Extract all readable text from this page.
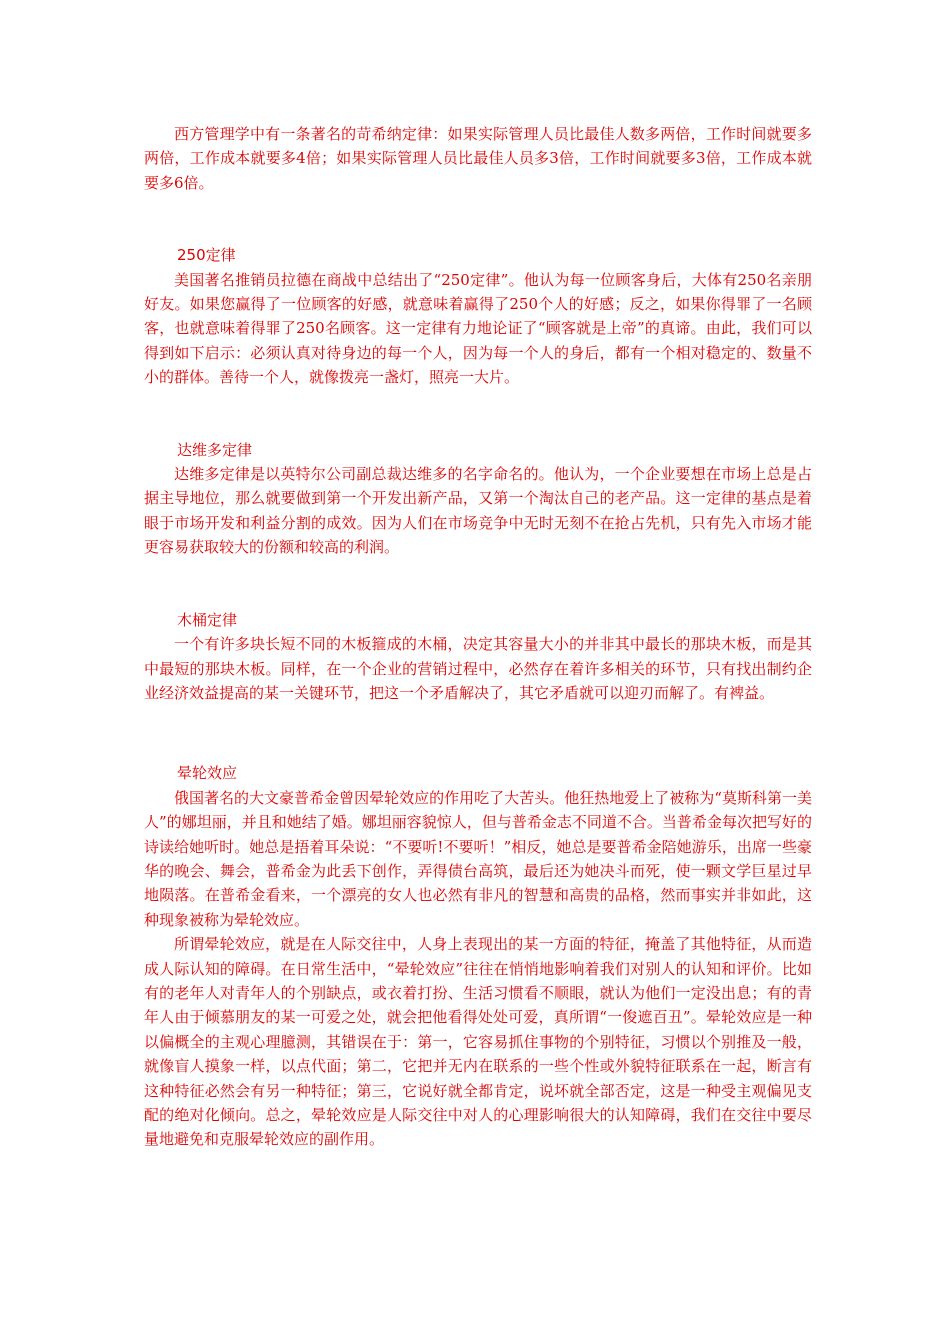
西方管理学中有一条著名的苛希纳定律：如果实际管理人员比最佳人数多两倍，工作时间就要多两倍，工作成本就要多4倍；如果实际管理人员比最佳人员多3倍，工作时间就要多3倍，工作成本就要多6倍。

250定律

美国著名推销员拉德在商战中总结出了“250定律”。他认为每一位顾客身后，大体有250名亲朋好友。如果您赢得了一位顾客的好感，就意味着赢得了250个人的好感；反之，如果你得罪了一名顾客，也就意味着得罪了250名顾客。这一定律有力地论证了“顾客就是上帝”的真谛。由此，我们可以得到如下启示：必须认真对待身边的每一个人，因为每一个人的身后，都有一个相对稳定的、数量不小的群体。善待一个人，就像拨亮一盏灯，照亮一大片。

达维多定律

达维多定律是以英特尔公司副总裁达维多的名字命名的。他认为，一个企业要想在市场上总是占据主导地位，那么就要做到第一个开发出新产品，又第一个淘汰自己的老产品。这一定律的基点是着眼于市场开发和利益分割的成效。因为人们在市场竞争中无时无刻不在抢占先机，只有先入市场才能更容易获取较大的份额和较高的利润。

木桶定律

一个有许多块长短不同的木板箍成的木桶，决定其容量大小的并非其中最长的那块木板，而是其中最短的那块木板。同样，在一个企业的营销过程中，必然存在着许多相关的环节，只有找出制约企业经济效益提高的某一关键环节，把这一个矛盾解决了，其它矛盾就可以迎刃而解了。有裨益。

晕轮效应

俄国著名的大文豪普希金曾因晕轮效应的作用吃了大苦头。他狂热地爱上了被称为“莫斯科第一美人”的娜坦丽，并且和她结了婚。娜坦丽容貌惊人，但与普希金志不同道不合。当普希金每次把写好的诗读给她听时。她总是捂着耳朵说：“不要听!不要听！”相反，她总是要普希金陪她游乐，出席一些豪华的晚会、舞会，普希金为此丢下创作，弄得债台高筑，最后还为她决斗而死，使一颗文学巨星过早地陨落。在普希金看来，一个漂亮的女人也必然有非凡的智慧和高贵的品格，然而事实并非如此，这种现象被称为晕轮效应。

所谓晕轮效应，就是在人际交往中，人身上表现出的某一方面的特征，掩盖了其他特征，从而造成人际认知的障碍。在日常生活中，“晕轮效应”往往在悄悄地影响着我们对别人的认知和评价。比如有的老年人对青年人的个别缺点，或衣着打扮、生活习惯看不顺眼，就认为他们一定没出息；有的青年人由于倾慕朋友的某一可爱之处，就会把他看得处处可爱，真所谓“一俊遮百丑”。晕轮效应是一种以偏概全的主观心理臆测，其错误在于：第一，它容易抓住事物的个别特征，习惯以个别推及一般，就像盲人摸象一样，以点代面；第二，它把并无内在联系的一些个性或外貌特征联系在一起，断言有这种特征必然会有另一种特征；第三，它说好就全都肯定，说坏就全部否定，这是一种受主观偏见支配的绝对化倾向。总之，晕轮效应是人际交往中对人的心理影响很大的认知障碍，我们在交往中要尽量地避免和克服晕轮效应的副作用。
